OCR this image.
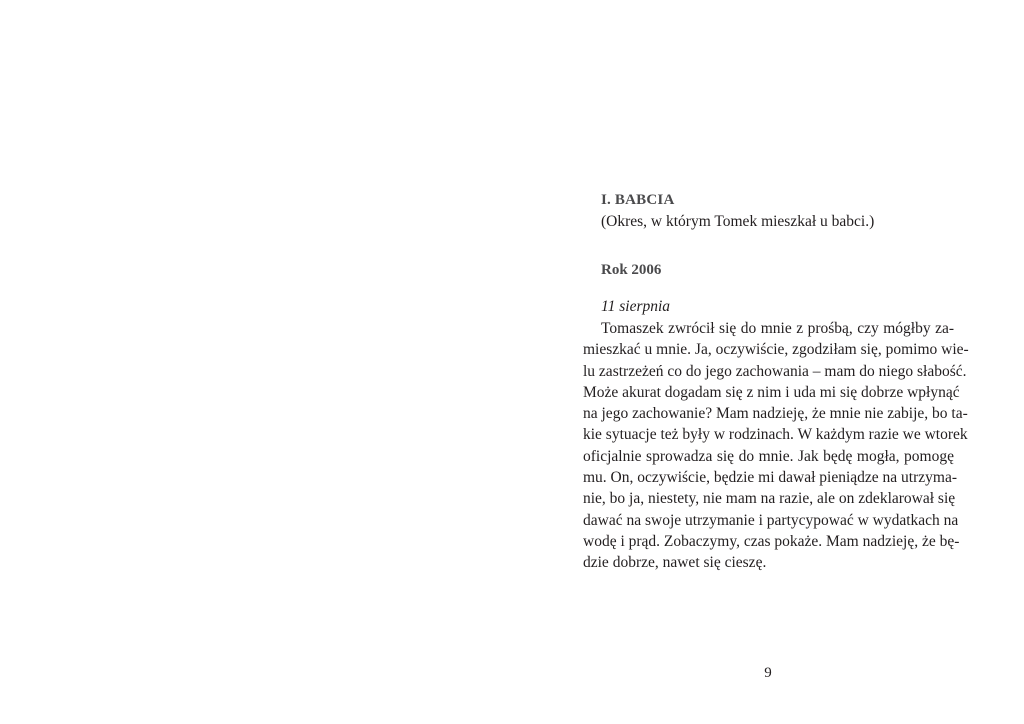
I. BABCIA
(Okres, w którym Tomek mieszkał u babci.)
Rok 2006
11 sierpnia
Tomaszek zwrócił się do mnie z prośbą, czy mógłby za-
mieszkać u mnie. Ja, oczywiście, zgodziłam się, pomimo wie-
lu zastrzeżeń co do jego zachowania – mam do niego słabość.
Może akurat dogadam się z nim i uda mi się dobrze wpłynąć
na jego zachowanie? Mam nadzieję, że mnie nie zabije, bo ta-
kie sytuacje też były w rodzinach. W każdym razie we wtorek
oficjalnie sprowadza się do mnie. Jak będę mogła, pomogę
mu. On, oczywiście, będzie mi dawał pieniądze na utrzyma-
nie, bo ja, niestety, nie mam na razie, ale on zdeklarował się
dawać na swoje utrzymanie i partycypować w wydatkach na
wodę i prąd. Zobaczymy, czas pokaże. Mam nadzieję, że bę-
dzie dobrze, nawet się cieszę.
9
